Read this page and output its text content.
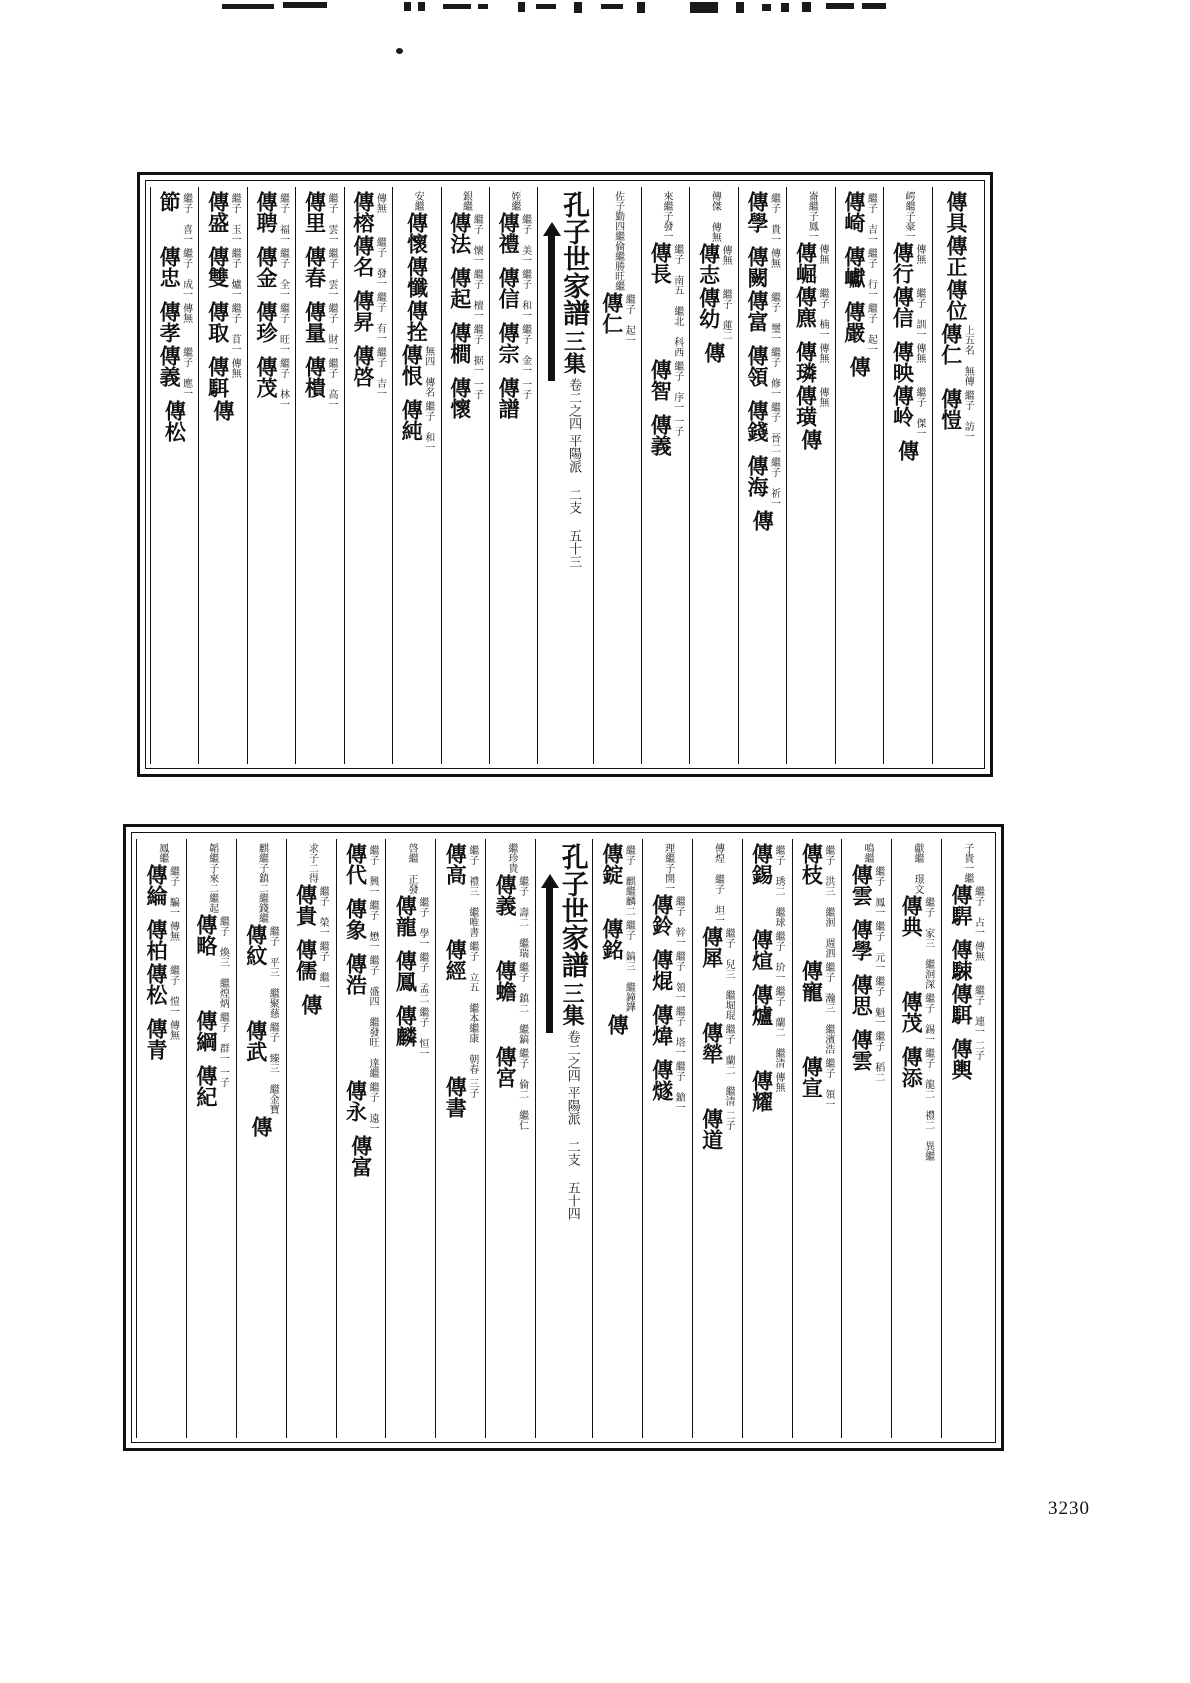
傳具
傳正
傳位
傳仁
上五名 無傳
傳愷
繼子 訪一
崿繼子豪一
傳行
傳無
傳信
繼子 訓一
傳映
傳無
傳岭
繼子 傑一
傳
傳崎
繼子 吉一
傳巘
繼子 行一
傳嚴
繼子 起一
傳
崙繼子鳳一
傳崛
傳無
傳麃
繼子 楠一
傳璘
傳無
傳璜
傳無
傳
傳學
繼子 貴一
傳闕
傳無
傳富
繼子 璽一
傳領
繼子 修一
傳錢
繼子 晉二
傳海
繼子 祈一
傳
傳傑 傳無
傳志
傳無
傳幼
繼子 蓮二
傳
來繼子發一
傳長
繼子 南五 繼北 科西
傳智
繼子 序一
傳義
一子
佐子勤四繼倫繼勝旺繼
傳仁
繼子 起一
孔子世家譜
三集
卷二之四
平陽派 二支 五十三
姪繼
傳禮
繼子 美一
傳信
繼子 和一
傳宗
繼子 金一
傳譜
一子
銀繼
傳法
繼子 懷一
傳起
繼子 檀一
傳橺
繼子 据一
傳懷
一子
安繼
傳懷
傳懺
傳拴
傳恨
無四 傳名
傳純
繼子 和一
傳榕
傳無
傳名
繼子 發一
傳昇
繼子 有一
傳啓
繼子 吉一
傳里
繼子 雲一
傳春
繼子 雲一
傳量
繼子 財一
傳樻
繼子 高一
傳聘
繼子 福一
傳金
繼子 全一
傳珍
繼子 旺一
傳茂
繼子 林一
傳盛
繼子 玉一
傳雙
繼子 爐一
傳取
繼子 苜一
傳駬
傳無
傳
節
繼子 喜一
傳忠
繼子 成一
傳孝
傳無
傳義
繼子 應一
傳松
子貴一繼
傳駻
繼子 占一
傳駷
傳無
傳駬
繼子 連一
傳輿
二子
獻繼 璟文
傳典
繼子 家三 繼洄深
傳茂
繼子 錫一
傳添
繼子 龍二 禮二 異繼
鳴繼
傳雲
繼子 鳳一
傳學
繼子 元一
傳思
繼子 魁一
傳雲
繼子 稻二
傳枝
繼子 洪三 繼洄 週泗
傳寵
繼子 瀚三 繼濱浩
傳宣
繼子 領一
傳錫
繼子 琇二 繼球
傳煊
繼子 玠一
傳爐
繼子 蘭二 繼清
傳耀
傳無
傳煌 繼子 坦一
傳犀
繼子 兒三 繼堀琨
傳犖
繼子 蘭二 繼清
傳道
二子
理繼子開一
傳鈴
繼子 幹一
傳焜
繼子 領一
傳煒
繼子 塔一
傳燧
繼子 鎗一
傳錠
繼子 麒繼麟二
傳銘
繼子 鎬三 繼鐘鏵
傳
孔子世家譜
三集
卷二之四
平陽派 二支 五十四
繼珍貴
傳義
繼子 壽二 繼瑞
傳蟾
繼子 鎮二 繼鎬
傳宮
繼子 倫二 繼仁
傳高
繼子 禮三 繼唯書
傳經
繼子 立五 繼本繼康 朝春
傳書
三子
啓繼 正發
傳龍
繼子 學一
傳鳳
繼子 孟二
傳麟
繼子 恒一
傳代
繼子 興一
傳象
繼子 懋一
傳浩
繼子 盛四 繼發旺 達繼
傳永
繼子 遠一
傳富
求子二得
傳貴
繼子 榮一
傳儒
繼子 繼一
傳
麒繼子鎮二繼錢繼
傳紋
繼子 平三 繼聚慈
傳武
繼子 臻三 繼金寶
傳
韜繼子來二繼起
傳略
繼子 煥三 繼煌炳
傳綱
繼子 群一
傳紀
一子
鳳繼
傳綸
繼子 騙一
傳柏
傳無
傳松
繼子 愷一
傳青
傳無
3230
